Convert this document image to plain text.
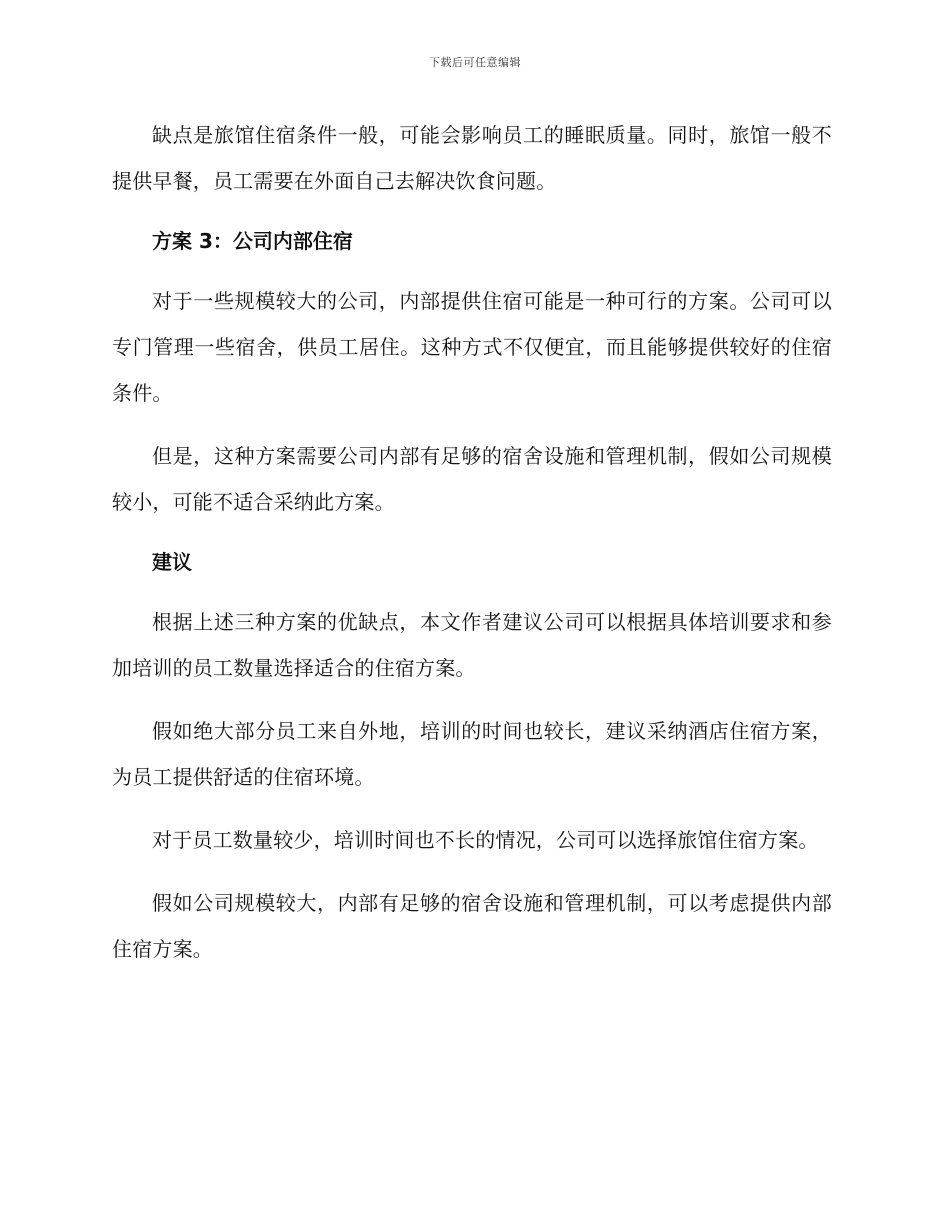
下载后可任意编辑

缺点是旅馆住宿条件一般，可能会影响员工的睡眠质量。同时，旅馆一般不提供早餐，员工需要在外面自己去解决饮食问题。

方案 3：公司内部住宿

对于一些规模较大的公司，内部提供住宿可能是一种可行的方案。公司可以专门管理一些宿舍，供员工居住。这种方式不仅便宜，而且能够提供较好的住宿条件。

但是，这种方案需要公司内部有足够的宿舍设施和管理机制，假如公司规模较小，可能不适合采纳此方案。

建议

根据上述三种方案的优缺点，本文作者建议公司可以根据具体培训要求和参加培训的员工数量选择适合的住宿方案。

假如绝大部分员工来自外地，培训的时间也较长，建议采纳酒店住宿方案，为员工提供舒适的住宿环境。

对于员工数量较少，培训时间也不长的情况，公司可以选择旅馆住宿方案。

假如公司规模较大，内部有足够的宿舍设施和管理机制，可以考虑提供内部住宿方案。
